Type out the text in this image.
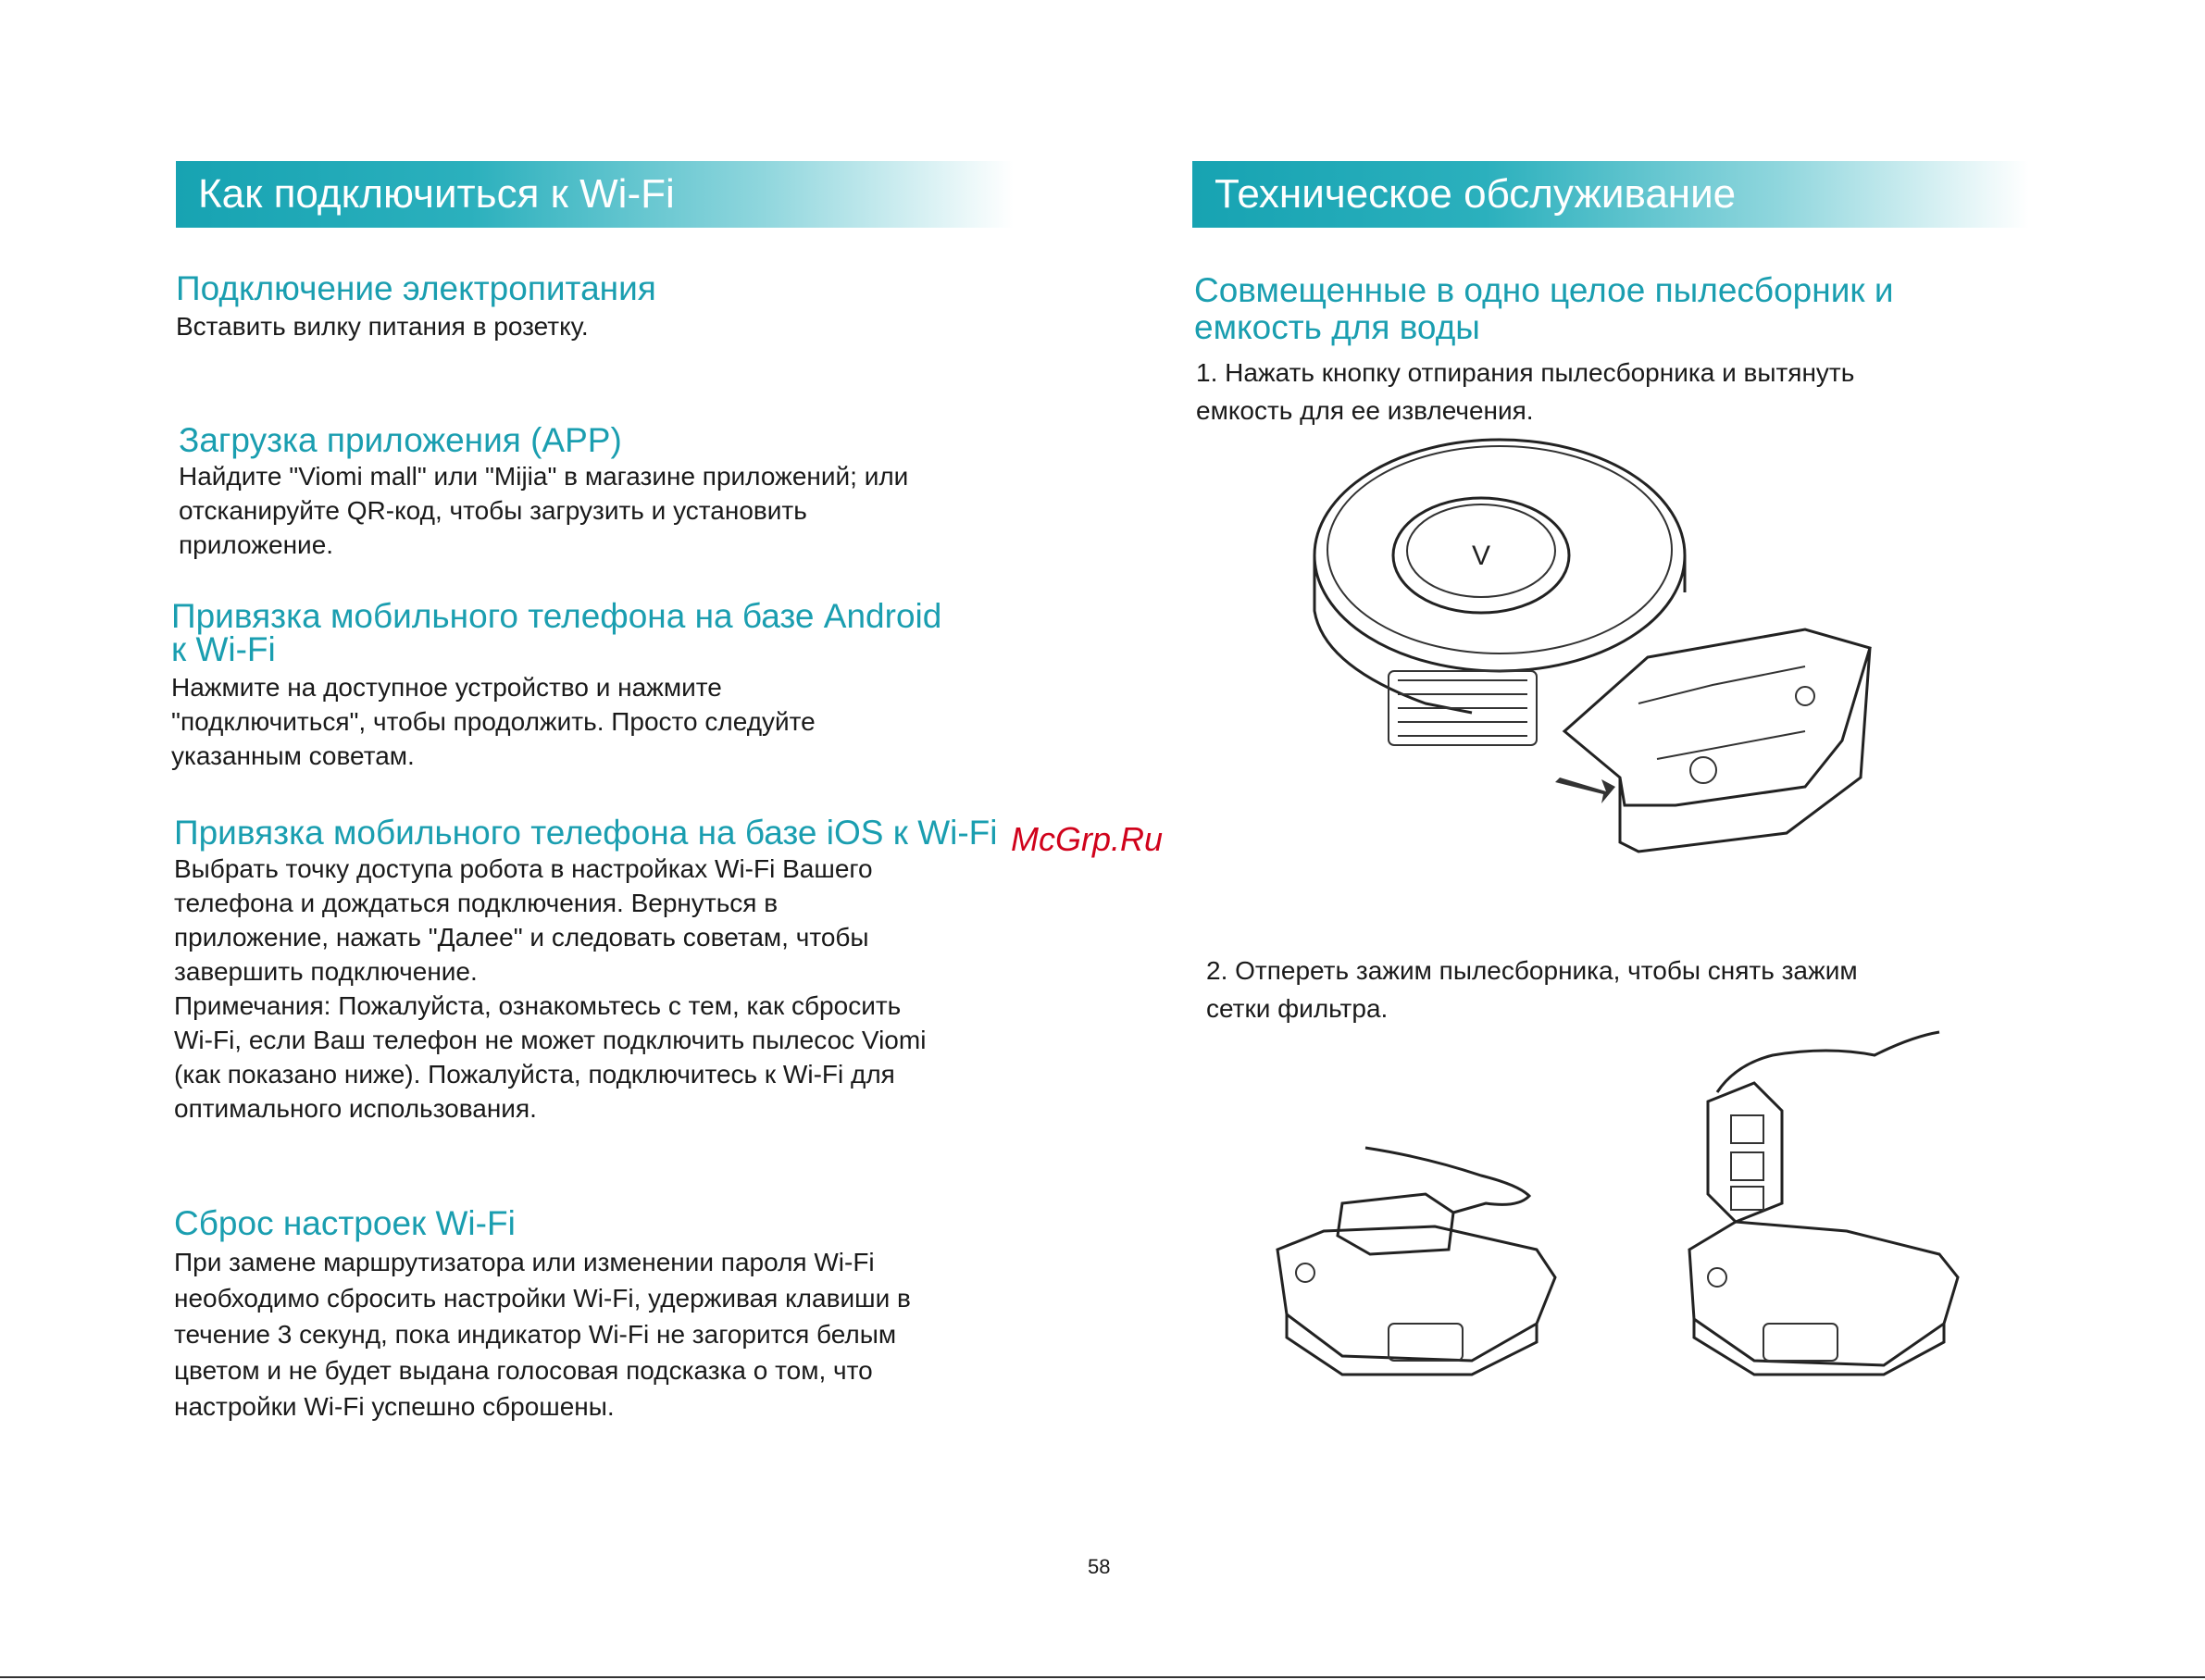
Как подключиться к Wi-Fi
Подключение электропитания

Вставить вилку питания в розетку.

Загрузка приложения (APP)

Найдите "Viomi mall" или "Mijia" в магазине приложений; или
отсканируйте QR-код, чтобы загрузить и установить
приложение.

Привязка мобильного телефона на базе Android
к Wi-Fi

Нажмите на доступное устройство и нажмите
"подключиться", чтобы продолжить. Просто следуйте
указанным советам.

Привязка мобильного телефона на базе iOS к Wi-Fi

Выбрать точку доступа робота в настройках Wi-Fi Вашего
телефона и дождаться подключения. Вернуться в
приложение, нажать "Далее" и следовать советам, чтобы
завершить подключение.
Примечания: Пожалуйста, ознакомьтесь с тем, как сбросить
Wi-Fi, если Ваш телефон не может подключить пылесос Viomi
(как показано ниже). Пожалуйста, подключитесь к Wi-Fi для
оптимального использования.

Сброс настроек Wi-Fi

При замене маршрутизатора или изменении пароля Wi-Fi
необходимо сбросить настройки Wi-Fi, удерживая клавиши в
течение 3 секунд, пока индикатор Wi-Fi не загорится белым
цветом и не будет выдана голосовая подсказка о том, что
настройки Wi-Fi успешно сброшены.

Техническое обслуживание
Совмещенные в одно целое пылесборник и
емкость для воды

1. Нажать кнопку отпирания пылесборника и вытянуть
емкость для ее извлечения.

V

2. Отпереть зажим пылесборника, чтобы снять зажим
сетки фильтра.

McGrp.Ru
58
